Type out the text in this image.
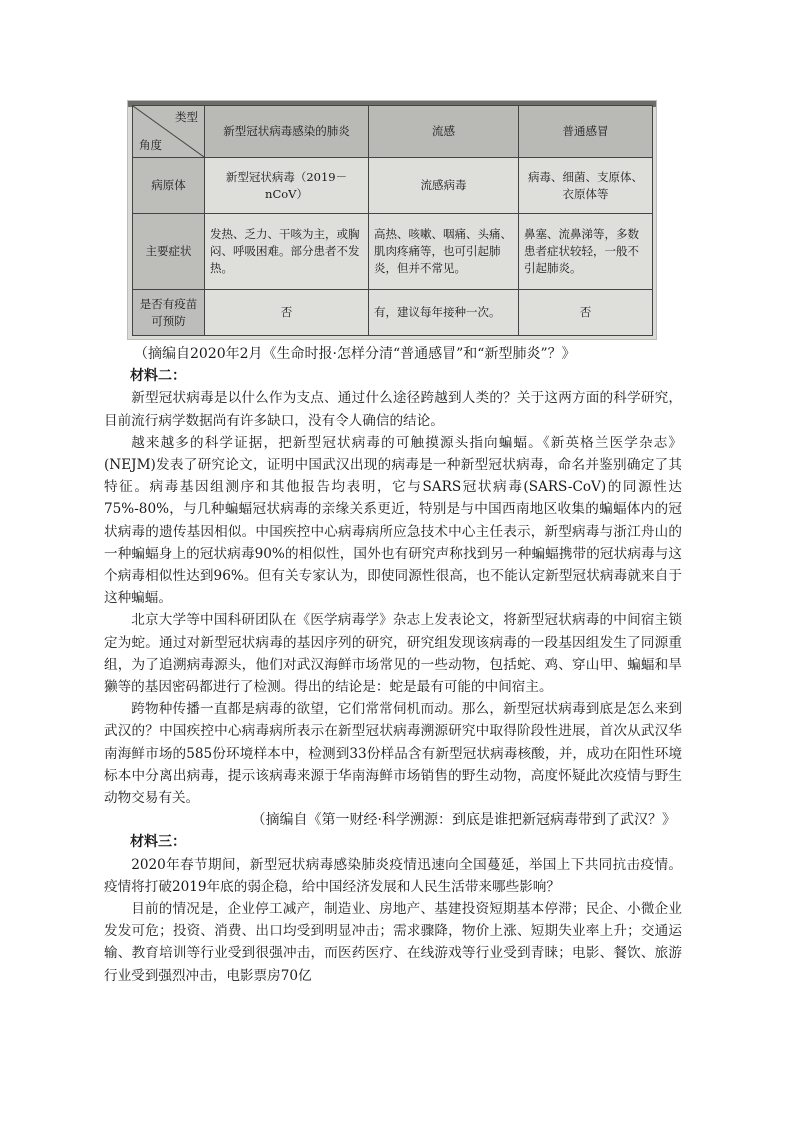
类型
角度	新型冠状病毒感染的肺炎	流感	普通感冒
病原体	新型冠状病毒（2019－nCoV）	流感病毒	病毒、细菌、支原体、衣原体等
主要症状	发热、乏力、干咳为主，或胸闷、呼吸困难。部分患者不发热。	高热、咳嗽、咽痛、头痛、肌肉疼痛等，也可引起肺炎，但并不常见。	鼻塞、流鼻涕等，多数患者症状较轻，一般不引起肺炎。
是否有疫苗可预防	否	有，建议每年接种一次。	否

（摘编自2020年2月《生命时报·怎样分清“普通感冒”和“新型肺炎”？》

材料二：

新型冠状病毒是以什么作为支点、通过什么途径跨越到人类的？关于这两方面的科学研究，目前流行病学数据尚有许多缺口，没有令人确信的结论。

越来越多的科学证据，把新型冠状病毒的可触摸源头指向蝙蝠。《新英格兰医学杂志》(NEJM)发表了研究论文，证明中国武汉出现的病毒是一种新型冠状病毒，命名并鉴别确定了其特征。病毒基因组测序和其他报告均表明，它与SARS冠状病毒(SARS-CoV)的同源性达75%-80%，与几种蝙蝠冠状病毒的亲缘关系更近，特别是与中国西南地区收集的蝙蝠体内的冠状病毒的遗传基因相似。中国疾控中心病毒病所应急技术中心主任表示，新型病毒与浙江舟山的一种蝙蝠身上的冠状病毒90%的相似性，国外也有研究声称找到另一种蝙蝠携带的冠状病毒与这个病毒相似性达到96%。但有关专家认为，即使同源性很高，也不能认定新型冠状病毒就来自于这种蝙蝠。

北京大学等中国科研团队在《医学病毒学》杂志上发表论文，将新型冠状病毒的中间宿主锁定为蛇。通过对新型冠状病毒的基因序列的研究，研究组发现该病毒的一段基因组发生了同源重组，为了追溯病毒源头，他们对武汉海鲜市场常见的一些动物，包括蛇、鸡、穿山甲、蝙蝠和旱獭等的基因密码都进行了检测。得出的结论是：蛇是最有可能的中间宿主。

跨物种传播一直都是病毒的欲望，它们常常伺机而动。那么，新型冠状病毒到底是怎么来到武汉的？中国疾控中心病毒病所表示在新型冠状病毒溯源研究中取得阶段性进展，首次从武汉华南海鲜市场的585份环境样本中，检测到33份样品含有新型冠状病毒核酸，并，成功在阳性环境标本中分离出病毒，提示该病毒来源于华南海鲜市场销售的野生动物，高度怀疑此次疫情与野生动物交易有关。

（摘编自《第一财经·科学溯源：到底是谁把新冠病毒带到了武汉？》

材料三：

2020年春节期间，新型冠状病毒感染肺炎疫情迅速向全国蔓延，举国上下共同抗击疫情。疫情将打破2019年底的弱企稳，给中国经济发展和人民生活带来哪些影响？

目前的情况是，企业停工减产，制造业、房地产、基建投资短期基本停滞；民企、小微企业发发可危；投资、消费、出口均受到明显冲击；需求骤降，物价上涨、短期失业率上升；交通运输、教育培训等行业受到很强冲击，而医药医疗、在线游戏等行业受到青睐；电影、餐饮、旅游行业受到强烈冲击，电影票房70亿
